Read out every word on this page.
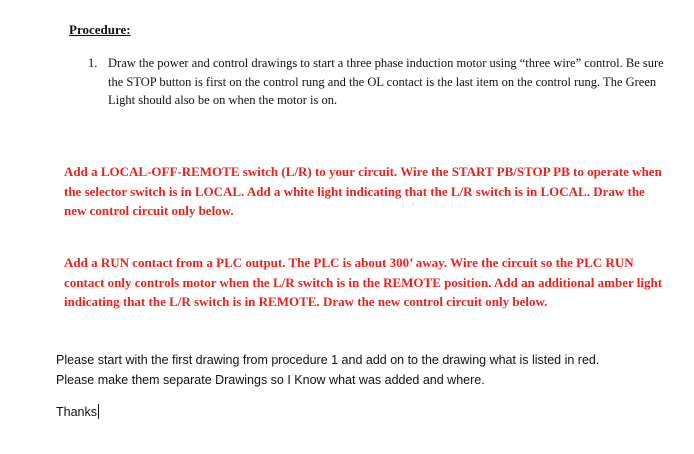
Procedure:
1. Draw the power and control drawings to start a three phase induction motor using “three wire” control. Be sure the STOP button is first on the control rung and the OL contact is the last item on the control rung. The Green Light should also be on when the motor is on.
Add a LOCAL-OFF-REMOTE switch (L/R) to your circuit. Wire the START PB/STOP PB to operate when the selector switch is in LOCAL. Add a white light indicating that the L/R switch is in LOCAL. Draw the new control circuit only below.
Add a RUN contact from a PLC output. The PLC is about 300’ away. Wire the circuit so the PLC RUN contact only controls motor when the L/R switch is in the REMOTE position. Add an additional amber light indicating that the L/R switch is in REMOTE. Draw the new control circuit only below.
Please start with the first drawing from procedure 1 and add on to the drawing what is listed in red.
Please make them separate Drawings so I Know what was added and where.
Thanks
